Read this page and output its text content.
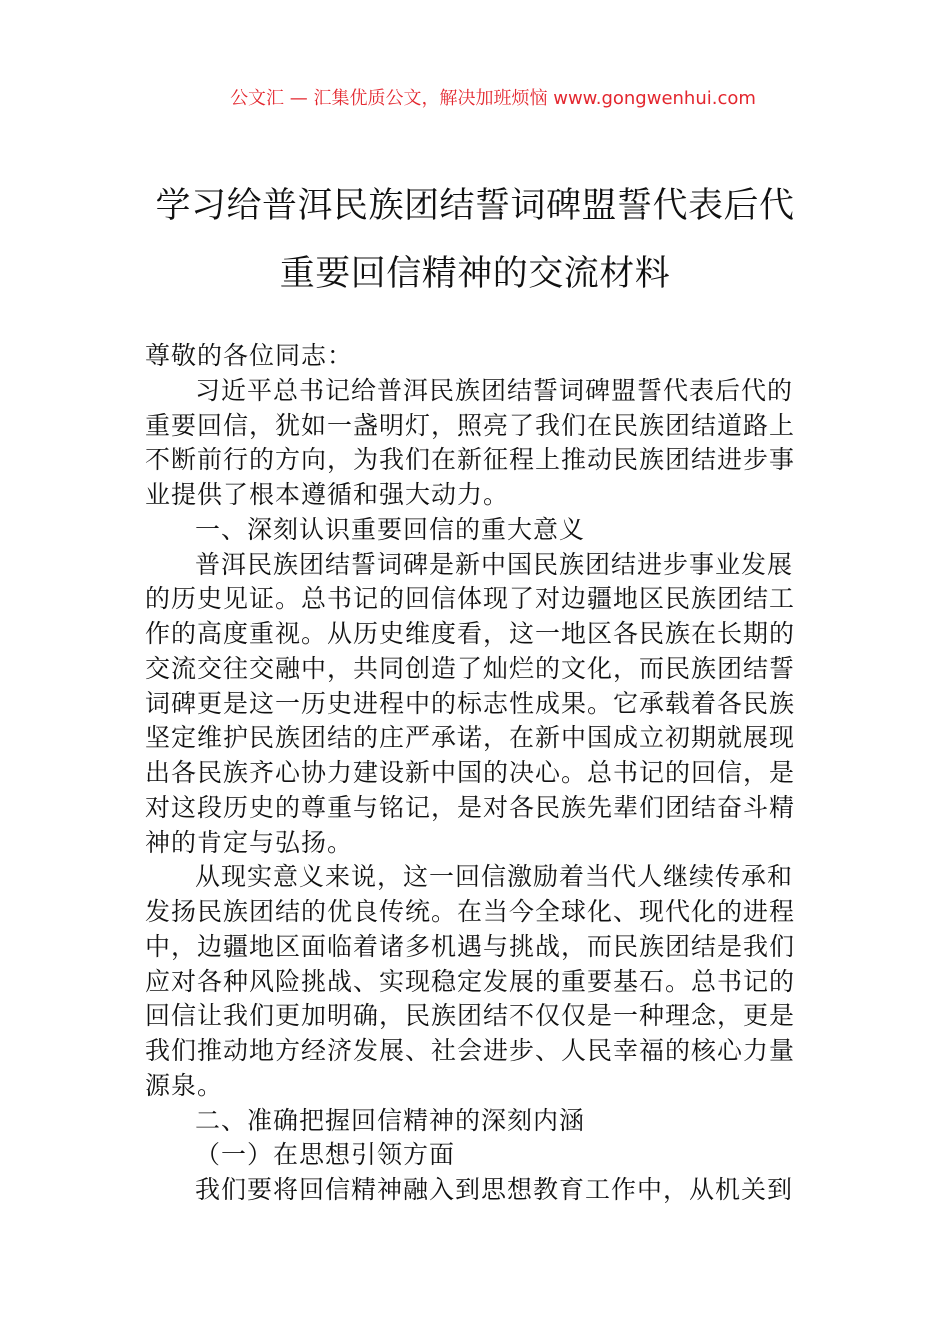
公文汇 — 汇集优质公文，解决加班烦恼 www.gongwenhui.com
学习给普洱民族团结誓词碑盟誓代表后代
重要回信精神的交流材料
尊敬的各位同志：
习近平总书记给普洱民族团结誓词碑盟誓代表后代的
重要回信，犹如一盏明灯，照亮了我们在民族团结道路上
不断前行的方向，为我们在新征程上推动民族团结进步事
业提供了根本遵循和强大动力。
一、深刻认识重要回信的重大意义
普洱民族团结誓词碑是新中国民族团结进步事业发展
的历史见证。总书记的回信体现了对边疆地区民族团结工
作的高度重视。从历史维度看，这一地区各民族在长期的
交流交往交融中，共同创造了灿烂的文化，而民族团结誓
词碑更是这一历史进程中的标志性成果。它承载着各民族
坚定维护民族团结的庄严承诺，在新中国成立初期就展现
出各民族齐心协力建设新中国的决心。总书记的回信，是
对这段历史的尊重与铭记，是对各民族先辈们团结奋斗精
神的肯定与弘扬。
从现实意义来说，这一回信激励着当代人继续传承和
发扬民族团结的优良传统。在当今全球化、现代化的进程
中，边疆地区面临着诸多机遇与挑战，而民族团结是我们
应对各种风险挑战、实现稳定发展的重要基石。总书记的
回信让我们更加明确，民族团结不仅仅是一种理念，更是
我们推动地方经济发展、社会进步、人民幸福的核心力量
源泉。
二、准确把握回信精神的深刻内涵
（一）在思想引领方面
我们要将回信精神融入到思想教育工作中，从机关到
